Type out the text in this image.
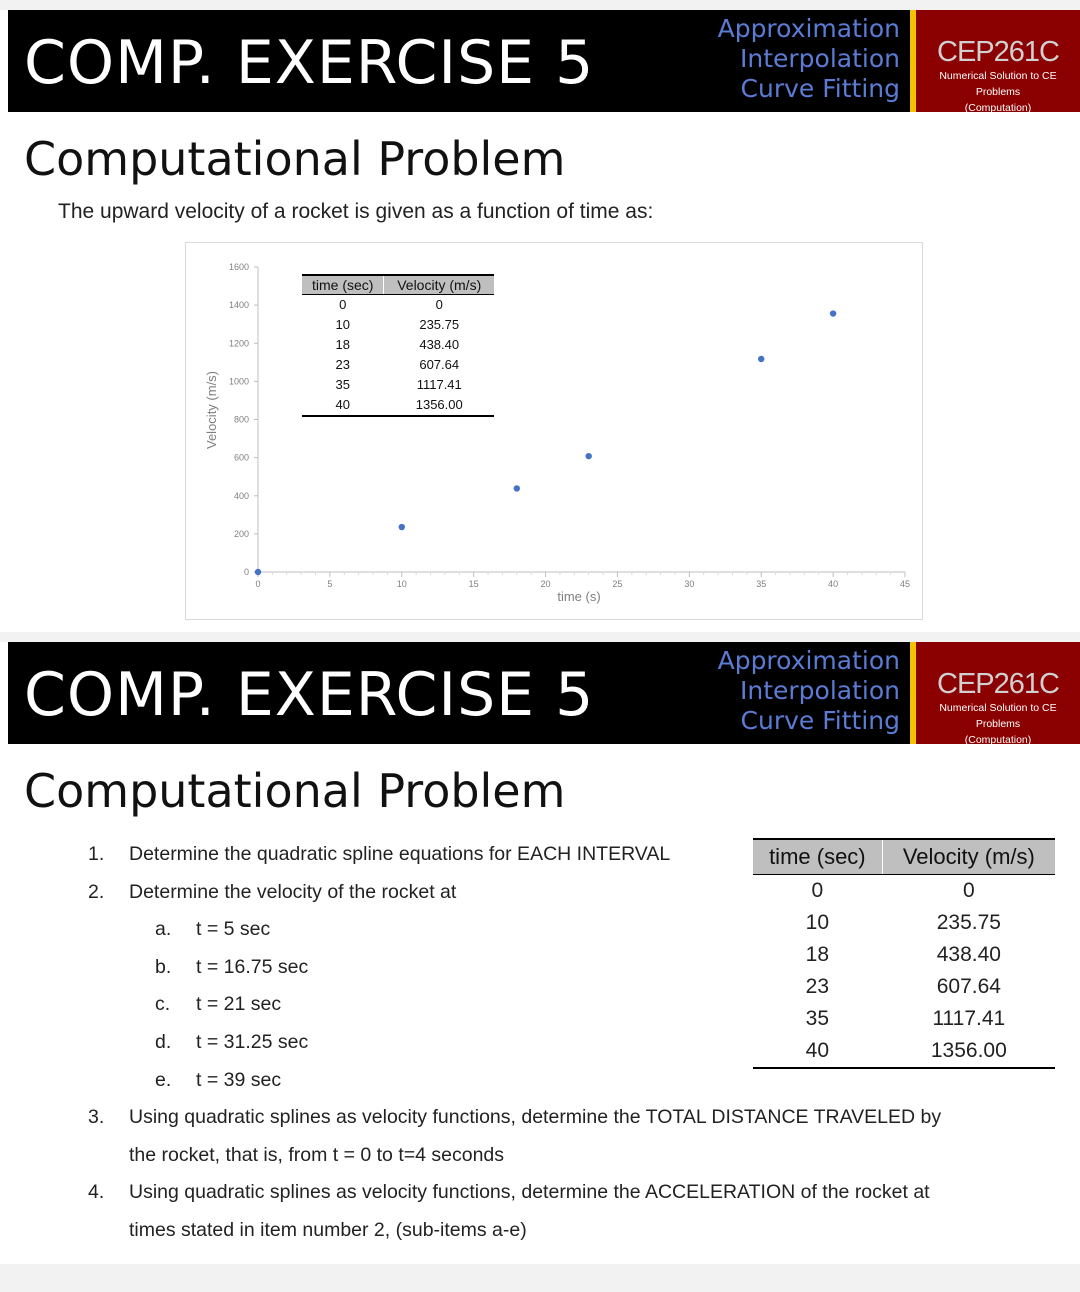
COMP. EXERCISE 5	Approximation
Interpolation
Curve Fitting
CEP261C
Numerical Solution to CE Problems
(Computation)
Computational Problem
The upward velocity of a rocket is given as a function of time as:
0
200
400
600
800
1000
1200
1400
1600
0	5	10	15	20	25	30	35	40	45
time (s)
Velocity (m/s)
time (sec)	Velocity (m/s)
0	0
10	235.75
18	438.40
23	607.64
35	1117.41
40	1356.00
COMP. EXERCISE 5	Approximation
Interpolation
Curve Fitting
CEP261C
Numerical Solution to CE Problems
(Computation)
Computational Problem
1. Determine the quadratic spline equations for EACH INTERVAL
2. Determine the velocity of the rocket at
a. t = 5 sec
b. t = 16.75 sec
c. t = 21 sec
d. t = 31.25 sec
e. t = 39 sec
3. Using quadratic splines as velocity functions, determine the TOTAL DISTANCE TRAVELED by
the rocket, that is, from t = 0 to t=4 seconds
4. Using quadratic splines as velocity functions, determine the ACCELERATION of the rocket at
times stated in item number 2, (sub-items a-e)
time (sec)	Velocity (m/s)
0	0
10	235.75
18	438.40
23	607.64
35	1117.41
40	1356.00
